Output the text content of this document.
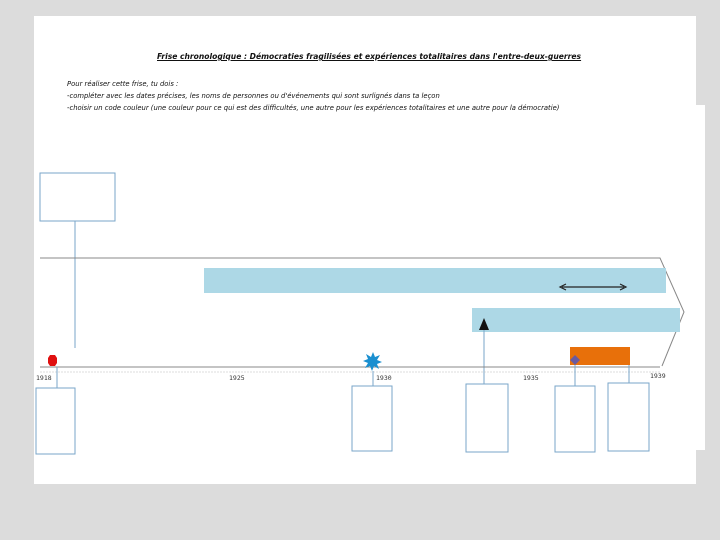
Frise chronologique : Démocraties fragilisées et expériences totalitaires dans l'entre-deux-guerres
Pour réaliser cette frise, tu dois :
-compléter avec les dates précises, les noms de personnes ou d'événements qui sont surlignés dans ta leçon
-choisir un code couleur (une couleur pour ce qui est des difficultés, une autre pour les expériences totalitaires et une autre pour la démocratie)
1918	1925	1930	1935	1939
